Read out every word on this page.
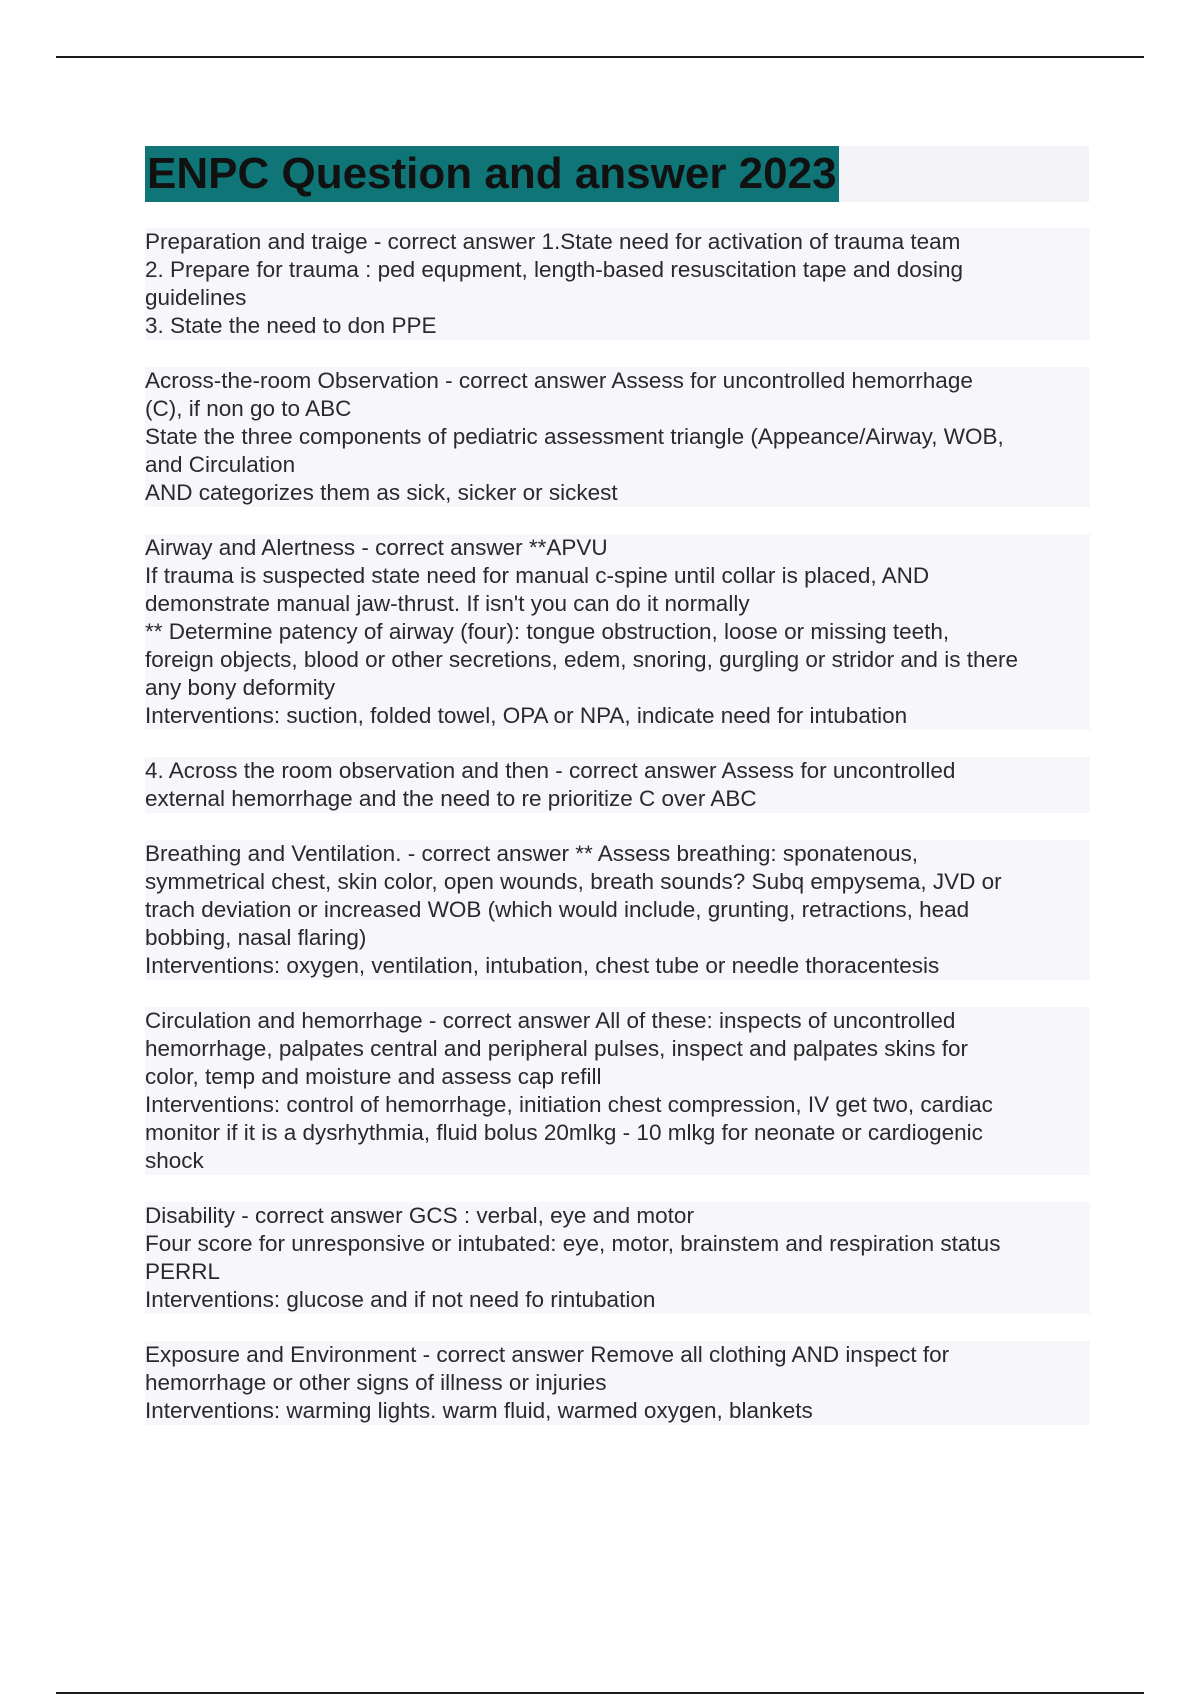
ENPC Question and answer 2023
Preparation and traige - correct answer 1.State need for activation of trauma team
2. Prepare for trauma : ped equpment, length-based resuscitation tape and dosing
guidelines
3. State the need to don PPE
Across-the-room Observation - correct answer Assess for uncontrolled hemorrhage
(C), if non go to ABC
State the three components of pediatric assessment triangle (Appeance/Airway, WOB,
and Circulation
AND categorizes them as sick, sicker or sickest
Airway and Alertness - correct answer **APVU
If trauma is suspected state need for manual c-spine until collar is placed, AND
demonstrate manual jaw-thrust. If isn't you can do it normally
** Determine patency of airway (four): tongue obstruction, loose or missing teeth,
foreign objects, blood or other secretions, edem, snoring, gurgling or stridor and is there
any bony deformity
Interventions: suction, folded towel, OPA or NPA, indicate need for intubation
4. Across the room observation and then - correct answer Assess for uncontrolled
external hemorrhage and the need to re prioritize C over ABC
Breathing and Ventilation. - correct answer ** Assess breathing: sponatenous,
symmetrical chest, skin color, open wounds, breath sounds? Subq empysema, JVD or
trach deviation or increased WOB (which would include, grunting, retractions, head
bobbing, nasal flaring)
Interventions: oxygen, ventilation, intubation, chest tube or needle thoracentesis
Circulation and hemorrhage - correct answer All of these: inspects of uncontrolled
hemorrhage, palpates central and peripheral pulses, inspect and palpates skins for
color, temp and moisture and assess cap refill
Interventions: control of hemorrhage, initiation chest compression, IV get two, cardiac
monitor if it is a dysrhythmia, fluid bolus 20mlkg - 10 mlkg for neonate or cardiogenic
shock
Disability - correct answer GCS : verbal, eye and motor
Four score for unresponsive or intubated: eye, motor, brainstem and respiration status
PERRL
Interventions: glucose and if not need fo rintubation
Exposure and Environment - correct answer Remove all clothing AND inspect for
hemorrhage or other signs of illness or injuries
Interventions: warming lights. warm fluid, warmed oxygen, blankets
